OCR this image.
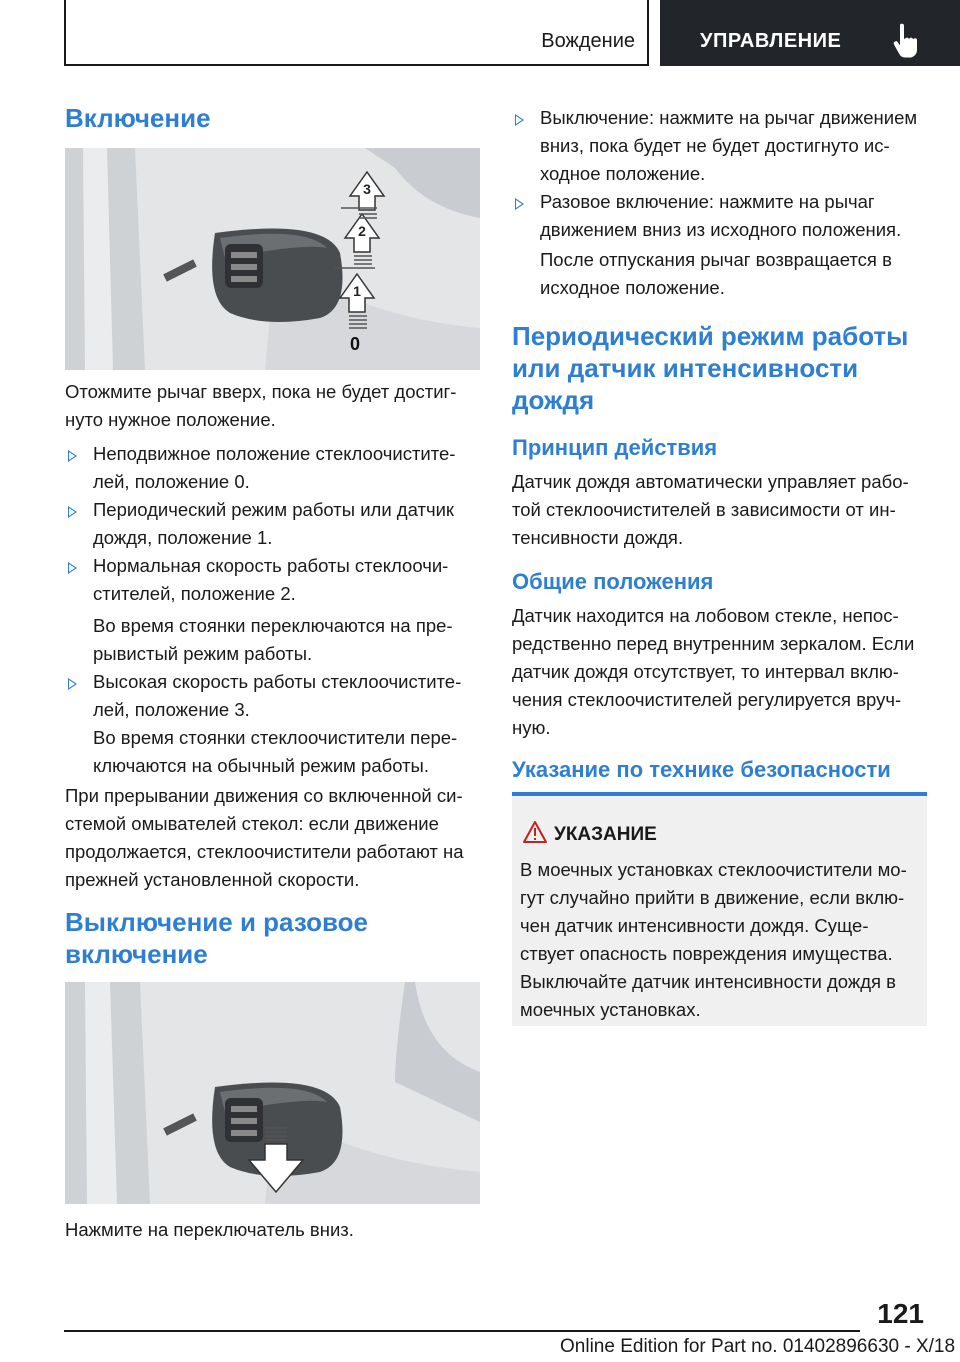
Вождение	УПРАВЛЕНИЕ
Включение
3
2
1
0
Отожмите рычаг вверх, пока не будет достиг-
нуто нужное положение.
Неподвижное положение стеклоочистите-
лей, положение 0.
Периодический режим работы или датчик
дождя, положение 1.
Нормальная скорость работы стеклоочи-
стителей, положение 2.
Во время стоянки переключаются на пре-
рывистый режим работы.
Высокая скорость работы стеклоочистите-
лей, положение 3.
Во время стоянки стеклоочистители пере-
ключаются на обычный режим работы.
При прерывании движения со включенной си-
стемой омывателей стекол: если движение
продолжается, стеклоочистители работают на
прежней установленной скорости.
Выключение и разовое
включение
Нажмите на переключатель вниз.
Выключение: нажмите на рычаг движением
вниз, пока будет не будет достигнуто ис-
ходное положение.
Разовое включение: нажмите на рычаг
движением вниз из исходного положения.
После отпускания рычаг возвращается в
исходное положение.
Периодический режим работы
или датчик интенсивности
дождя
Принцип действия
Датчик дождя автоматически управляет рабо-
той стеклоочистителей в зависимости от ин-
тенсивности дождя.
Общие положения
Датчик находится на лобовом стекле, непос-
редственно перед внутренним зеркалом. Если
датчик дождя отсутствует, то интервал вклю-
чения стеклоочистителей регулируется вруч-
ную.
Указание по технике безопасности
УКАЗАНИЕ
В моечных установках стеклоочистители мо-
гут случайно прийти в движение, если вклю-
чен датчик интенсивности дождя. Суще-
ствует опасность повреждения имущества.
Выключайте датчик интенсивности дождя в
моечных установках.
121
Online Edition for Part no. 01402896630 - X/18
